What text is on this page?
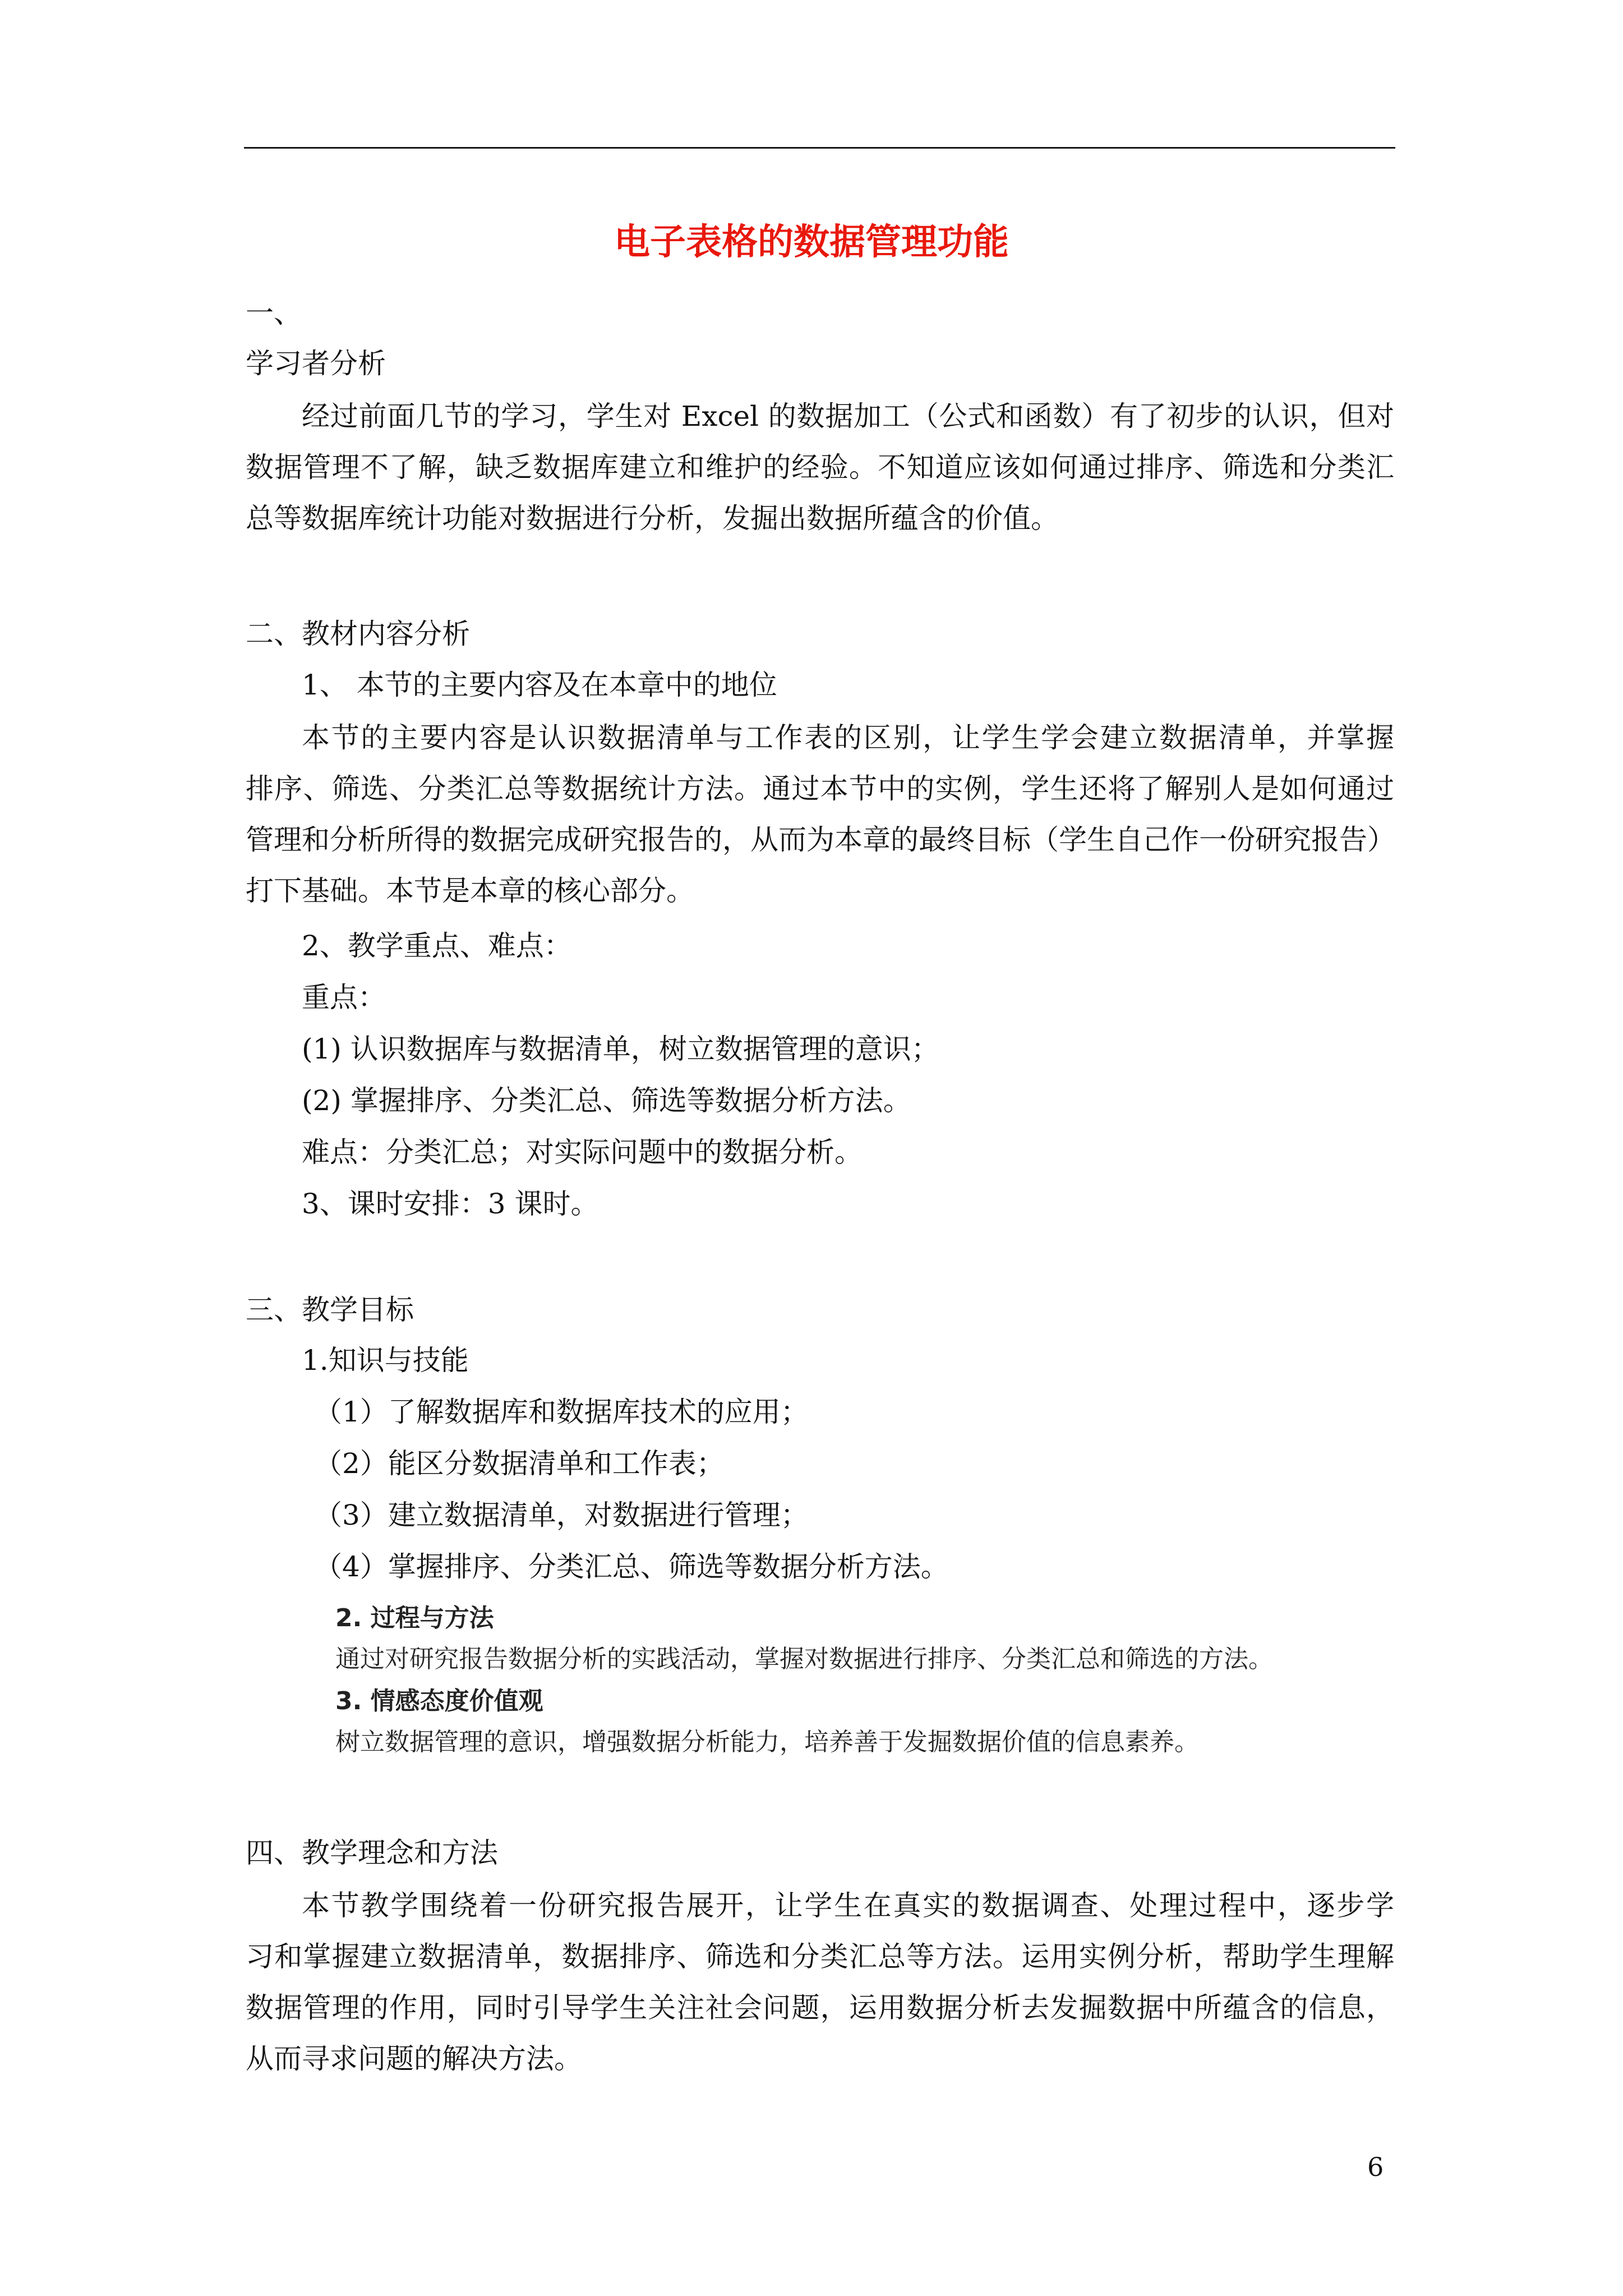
电子表格的数据管理功能

一、

学习者分析

经过前面几节的学习，学生对 Excel 的数据加工（公式和函数）有了初步的认识，但对
数据管理不了解，缺乏数据库建立和维护的经验。不知道应该如何通过排序、筛选和分类汇
总等数据库统计功能对数据进行分析，发掘出数据所蕴含的价值。

二、教材内容分析

1、 本节的主要内容及在本章中的地位

本节的主要内容是认识数据清单与工作表的区别，让学生学会建立数据清单，并掌握
排序、筛选、分类汇总等数据统计方法。通过本节中的实例，学生还将了解别人是如何通过
管理和分析所得的数据完成研究报告的，从而为本章的最终目标（学生自己作一份研究报告）
打下基础。本节是本章的核心部分。

2、教学重点、难点：

重点：

(1) 认识数据库与数据清单，树立数据管理的意识；

(2) 掌握排序、分类汇总、筛选等数据分析方法。

难点：分类汇总；对实际问题中的数据分析。

3、课时安排：3 课时。

三、教学目标

1.知识与技能

（1）了解数据库和数据库技术的应用；

（2）能区分数据清单和工作表；

（3）建立数据清单，对数据进行管理；

（4）掌握排序、分类汇总、筛选等数据分析方法。

2. 过程与方法

通过对研究报告数据分析的实践活动，掌握对数据进行排序、分类汇总和筛选的方法。

3. 情感态度价值观

树立数据管理的意识，增强数据分析能力，培养善于发掘数据价值的信息素养。

四、教学理念和方法

本节教学围绕着一份研究报告展开，让学生在真实的数据调查、处理过程中，逐步学
习和掌握建立数据清单，数据排序、筛选和分类汇总等方法。运用实例分析，帮助学生理解
数据管理的作用，同时引导学生关注社会问题，运用数据分析去发掘数据中所蕴含的信息，
从而寻求问题的解决方法。
6
